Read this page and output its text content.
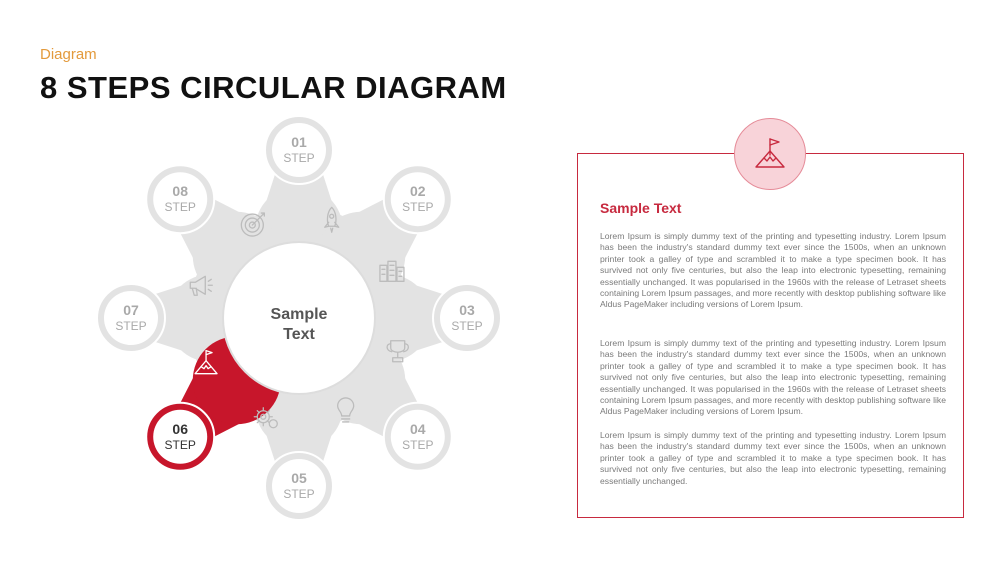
Diagram
8 STEPS CIRCULAR DIAGRAM
01
STEP
02
STEP
03
STEP
04
STEP
05
STEP
07
STEP
08
STEP
06
STEP
Sample
Text
Sample Text

Lorem Ipsum is simply dummy text of the printing and typesetting industry. Lorem Ipsum has been the industry's standard dummy text ever since the 1500s, when an unknown printer took a galley of type and scrambled it to make a type specimen book. It has survived not only five centuries, but also the leap into electronic typesetting, remaining essentially unchanged. It was popularised in the 1960s with the release of Letraset sheets containing Lorem Ipsum passages, and more recently with desktop publishing software like Aldus PageMaker including versions of Lorem Ipsum.

Lorem Ipsum is simply dummy text of the printing and typesetting industry. Lorem Ipsum has been the industry's standard dummy text ever since the 1500s, when an unknown printer took a galley of type and scrambled it to make a type specimen book. It has survived not only five centuries, but also the leap into electronic typesetting, remaining essentially unchanged. It was popularised in the 1960s with the release of Letraset sheets containing Lorem Ipsum passages, and more recently with desktop publishing software like Aldus PageMaker including versions of Lorem Ipsum.

Lorem Ipsum is simply dummy text of the printing and typesetting industry. Lorem Ipsum has been the industry's standard dummy text ever since the 1500s, when an unknown printer took a galley of type and scrambled it to make a type specimen book. It has survived not only five centuries, but also the leap into electronic typesetting, remaining essentially unchanged.
